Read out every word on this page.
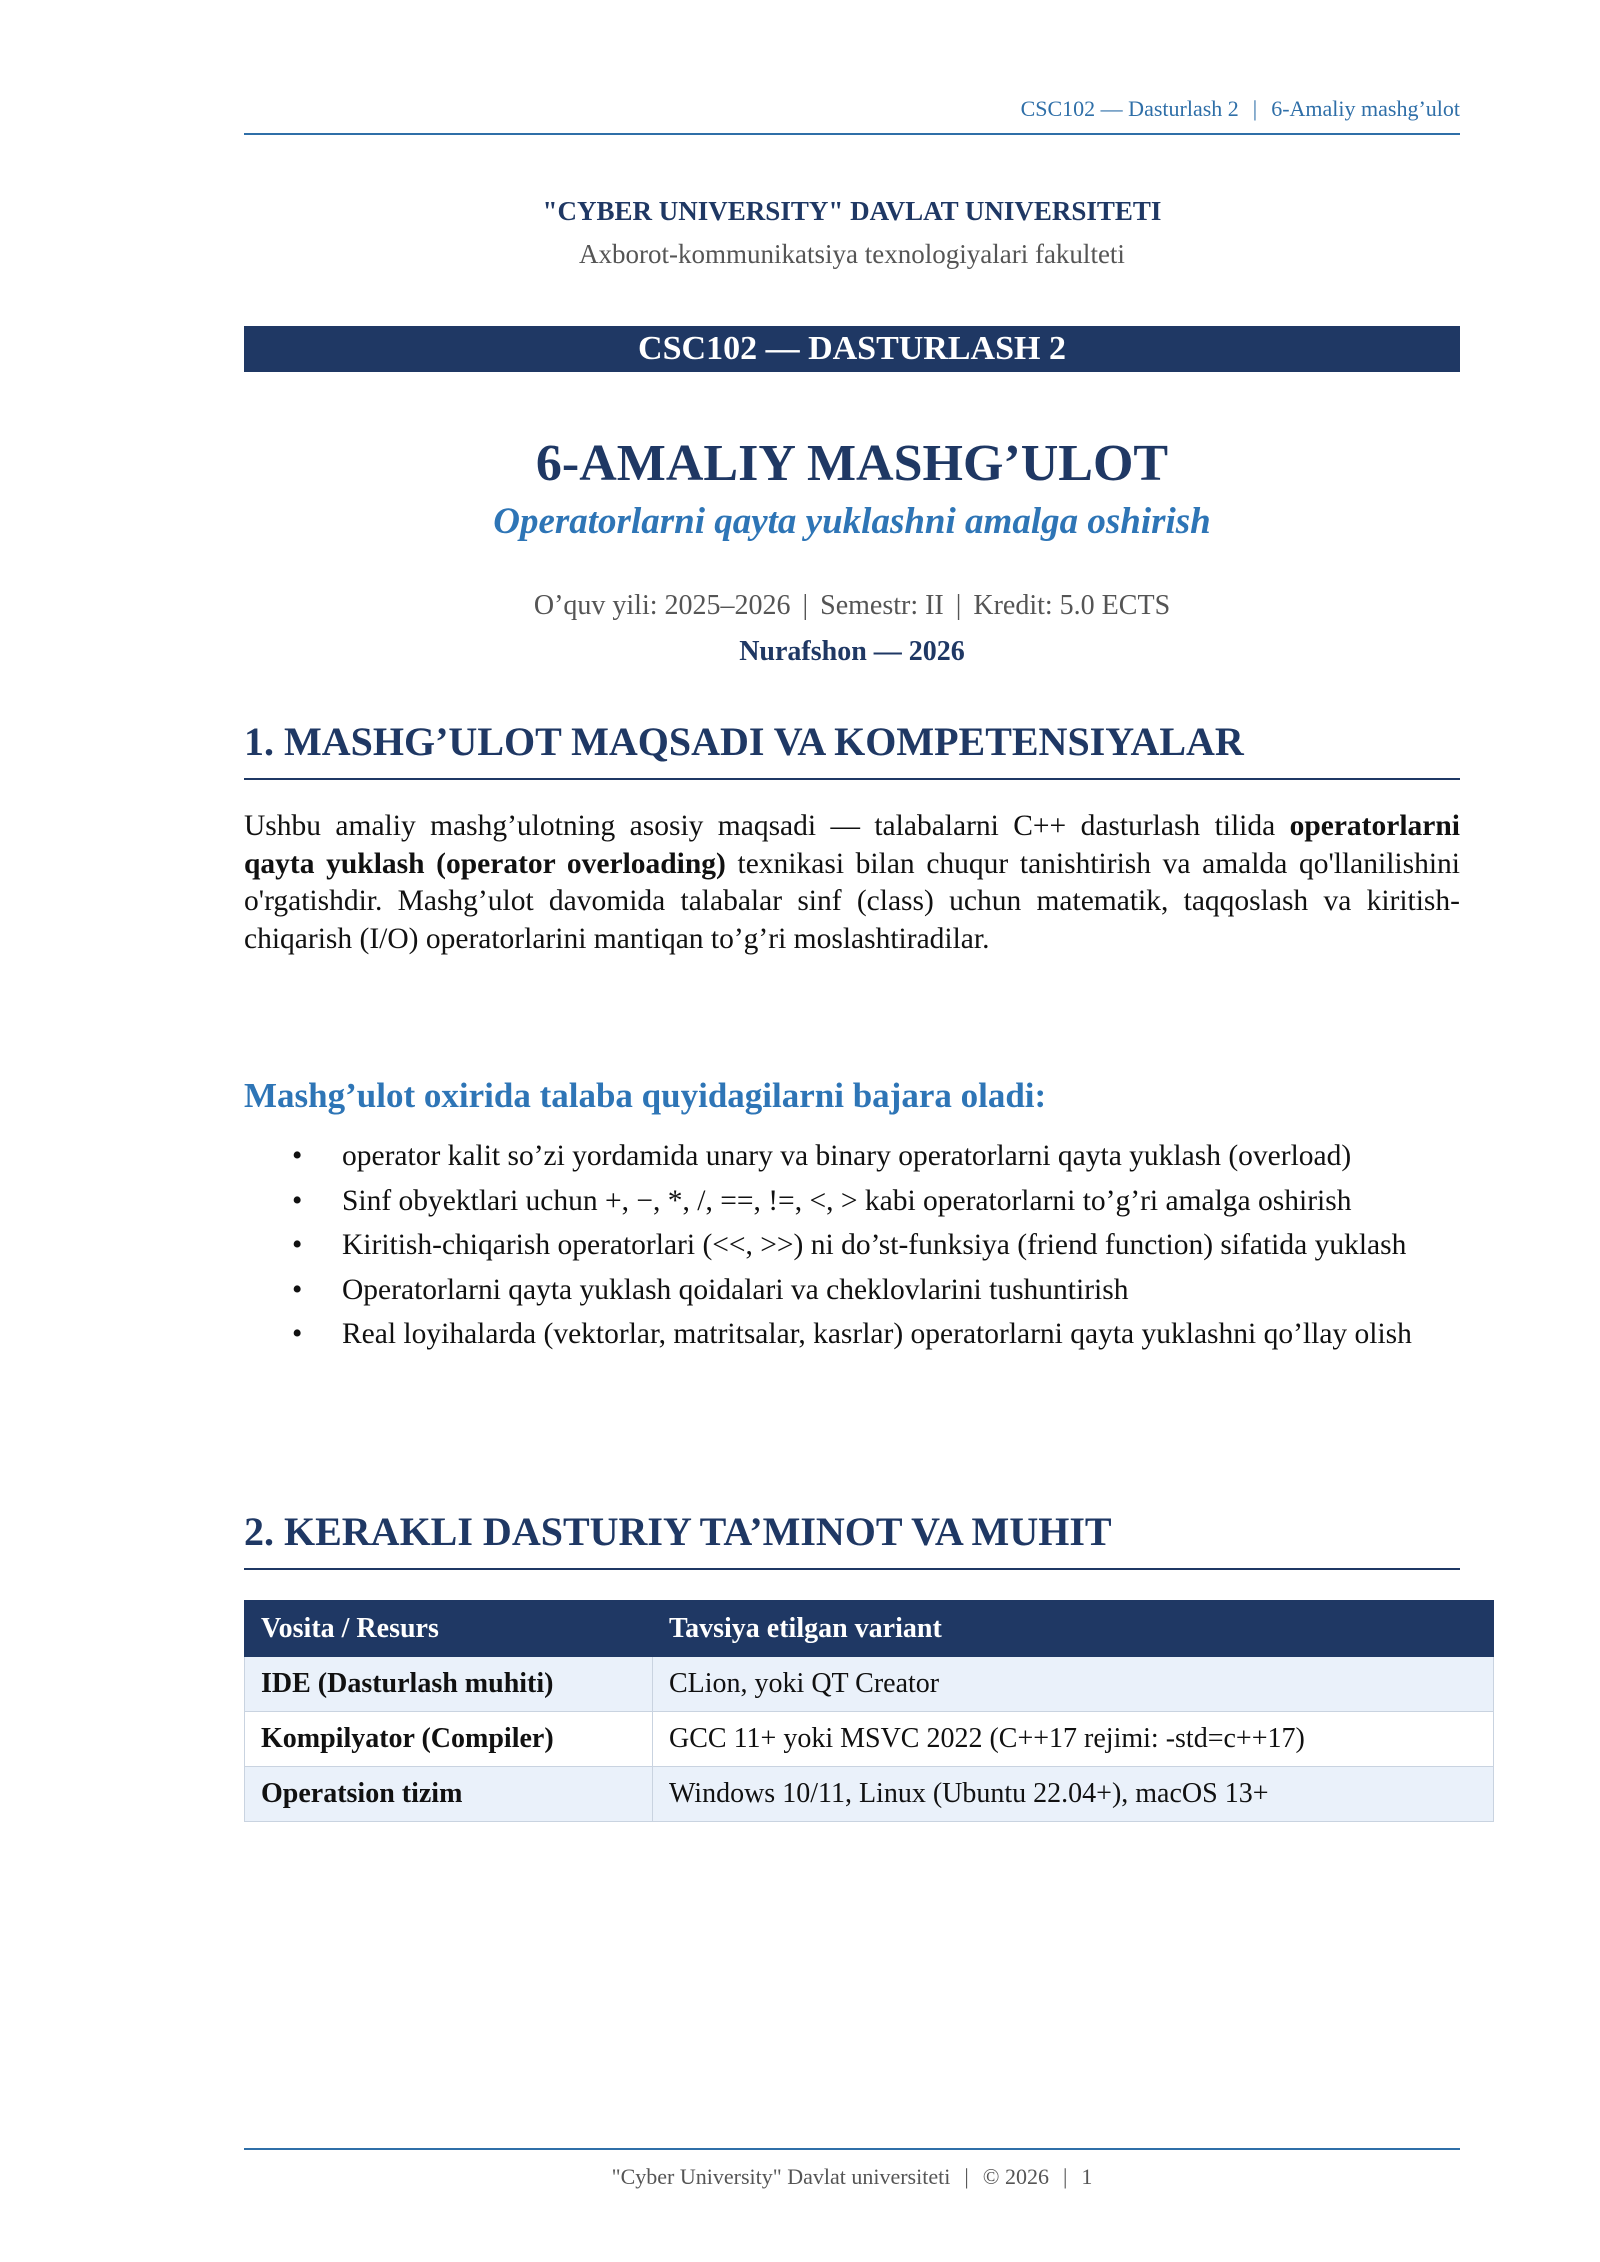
CSC102 — Dasturlash 2 | 6-Amaliy mashg’ulot
"CYBER UNIVERSITY" DAVLAT UNIVERSITETI
Axborot-kommunikatsiya texnologiyalari fakulteti
CSC102 — DASTURLASH 2
6-AMALIY MASHG’ULOT
Operatorlarni qayta yuklashni amalga oshirish
O’quv yili: 2025–2026 | Semestr: II | Kredit: 5.0 ECTS
Nurafshon — 2026
1. MASHG’ULOT MAQSADI VA KOMPETENSIYALAR
Ushbu amaliy mashg’ulotning asosiy maqsadi — talabalarni C++ dasturlash tilida operatorlarni qayta yuklash (operator overloading) texnikasi bilan chuqur tanishtirish va amalda qo'llanilishini o'rgatishdir. Mashg’ulot davomida talabalar sinf (class) uchun matematik, taqqoslash va kiritish-chiqarish (I/O) operatorlarini mantiqan to’g’ri moslashtiradilar.
Mashg’ulot oxirida talaba quyidagilarni bajara oladi:
• operator kalit so’zi yordamida unary va binary operatorlarni qayta yuklash (overload)
• Sinf obyektlari uchun +, −, *, /, ==, !=, <, > kabi operatorlarni to’g’ri amalga oshirish
• Kiritish-chiqarish operatorlari (<<, >>) ni do’st-funksiya (friend function) sifatida yuklash
• Operatorlarni qayta yuklash qoidalari va cheklovlarini tushuntirish
• Real loyihalarda (vektorlar, matritsalar, kasrlar) operatorlarni qayta yuklashni qo’llay olish
2. KERAKLI DASTURIY TA’MINOT VA MUHIT
Vosita / Resurs	Tavsiya etilgan variant
IDE (Dasturlash muhiti)	CLion, yoki QT Creator
Kompilyator (Compiler)	GCC 11+ yoki MSVC 2022 (C++17 rejimi: -std=c++17)
Operatsion tizim	Windows 10/11, Linux (Ubuntu 22.04+), macOS 13+
"Cyber University" Davlat universiteti | © 2026 | 1
